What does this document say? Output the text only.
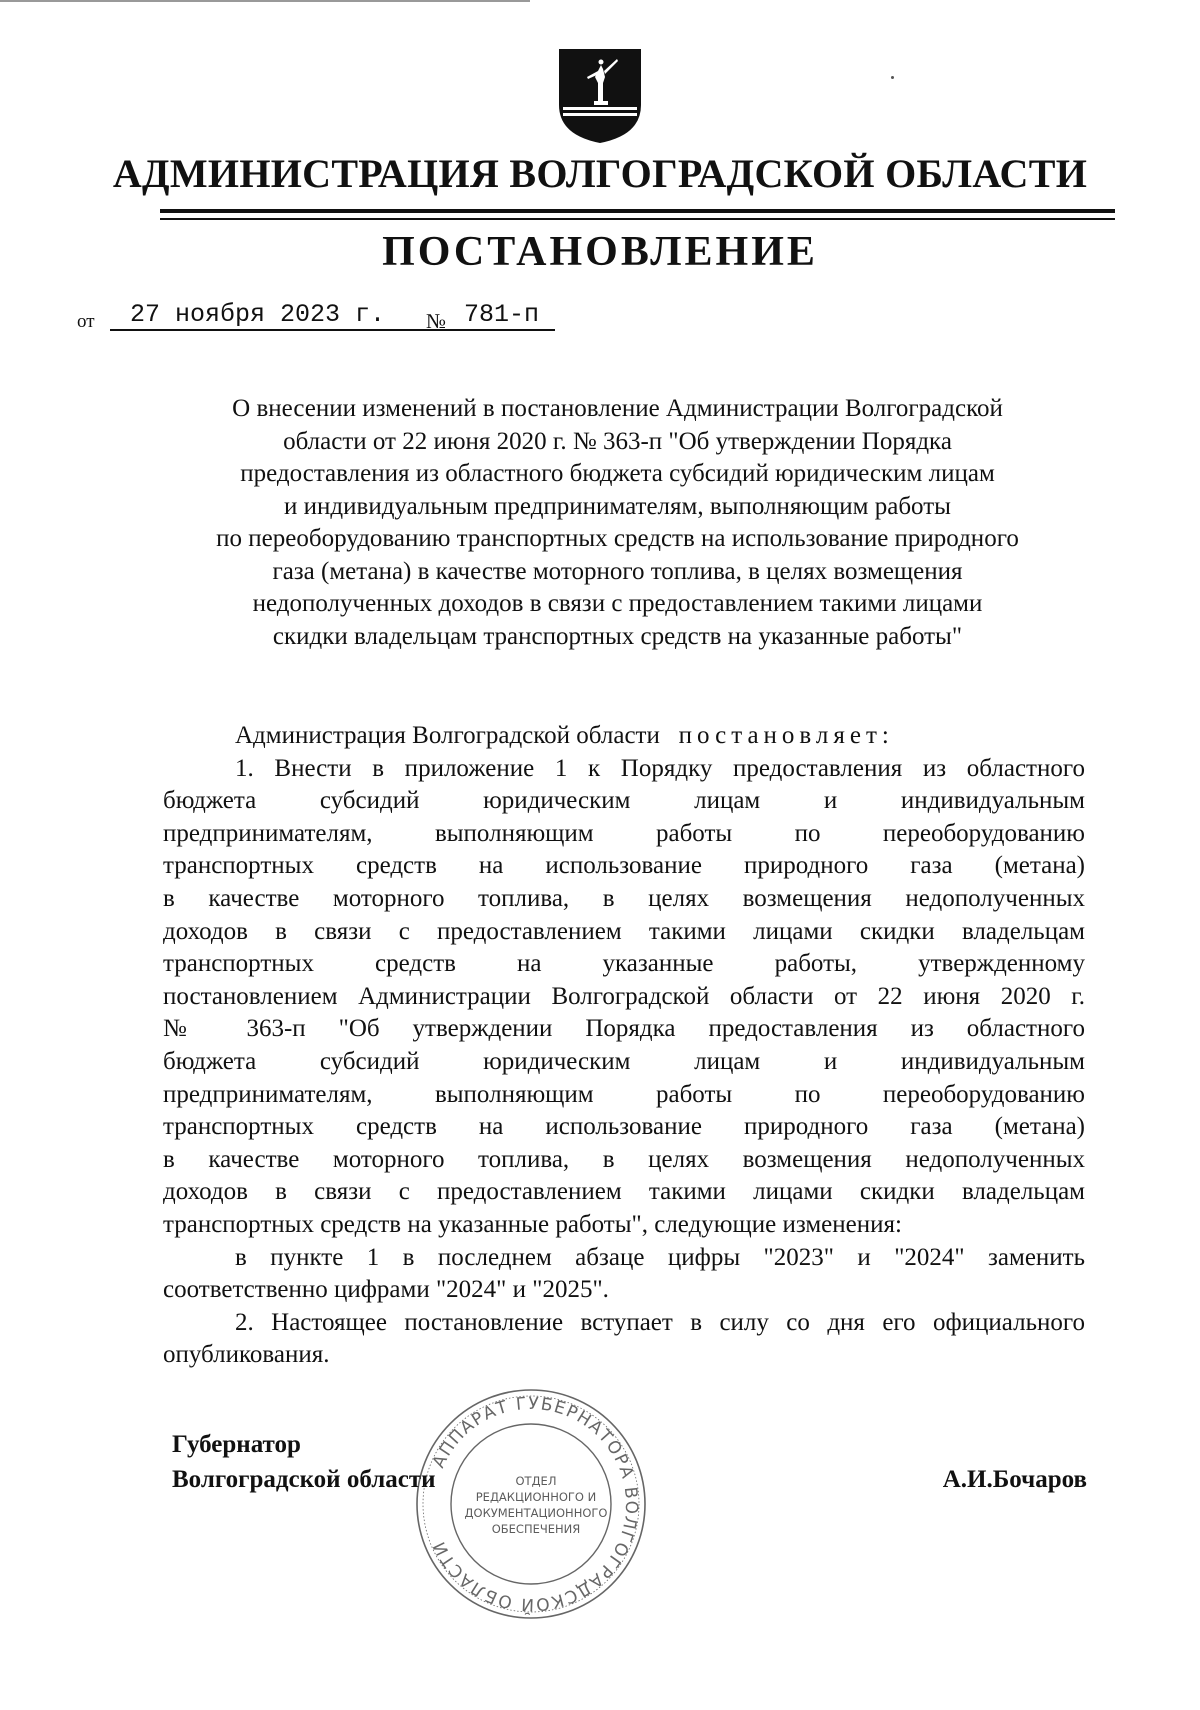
АДМИНИСТРАЦИЯ ВОЛГОГРАДСКОЙ ОБЛАСТИ
ПОСТАНОВЛЕНИЕ
от 27 ноября 2023 г. № 781-п
О внесении изменений в постановление Администрации Волгоградской
области от 22 июня 2020 г. № 363-п "Об утверждении Порядка
предоставления из областного бюджета субсидий юридическим лицам
и индивидуальным предпринимателям, выполняющим работы
по переоборудованию транспортных средств на использование природного
газа (метана) в качестве моторного топлива, в целях возмещения
недополученных доходов в связи с предоставлением такими лицами
скидки владельцам транспортных средств на указанные работы"
Администрация Волгоградской области постановляет:
1. Внести в приложение 1 к Порядку предоставления из областного
бюджета субсидий юридическим лицам и индивидуальным
предпринимателям, выполняющим работы по переоборудованию
транспортных средств на использование природного газа (метана)
в качестве моторного топлива, в целях возмещения недополученных
доходов в связи с предоставлением такими лицами скидки владельцам
транспортных средств на указанные работы, утвержденному
постановлением Администрации Волгоградской области от 22 июня 2020 г.
№ 363-п "Об утверждении Порядка предоставления из областного
бюджета субсидий юридическим лицам и индивидуальным
предпринимателям, выполняющим работы по переоборудованию
транспортных средств на использование природного газа (метана)
в качестве моторного топлива, в целях возмещения недополученных
доходов в связи с предоставлением такими лицами скидки владельцам
транспортных средств на указанные работы", следующие изменения:
в пункте 1 в последнем абзаце цифры "2023" и "2024" заменить
соответственно цифрами "2024" и "2025".
2. Настоящее постановление вступает в силу со дня его официального
опубликования.
Губернатор
Волгоградской области	А.И.Бочаров
АППАРАТ ГУБЕРНАТОРА ВОЛГОГРАДСКОЙ ОБЛАСТИ
ОТДЕЛ
РЕДАКЦИОННОГО И
ДОКУМЕНТАЦИОННОГО
ОБЕСПЕЧЕНИЯ
